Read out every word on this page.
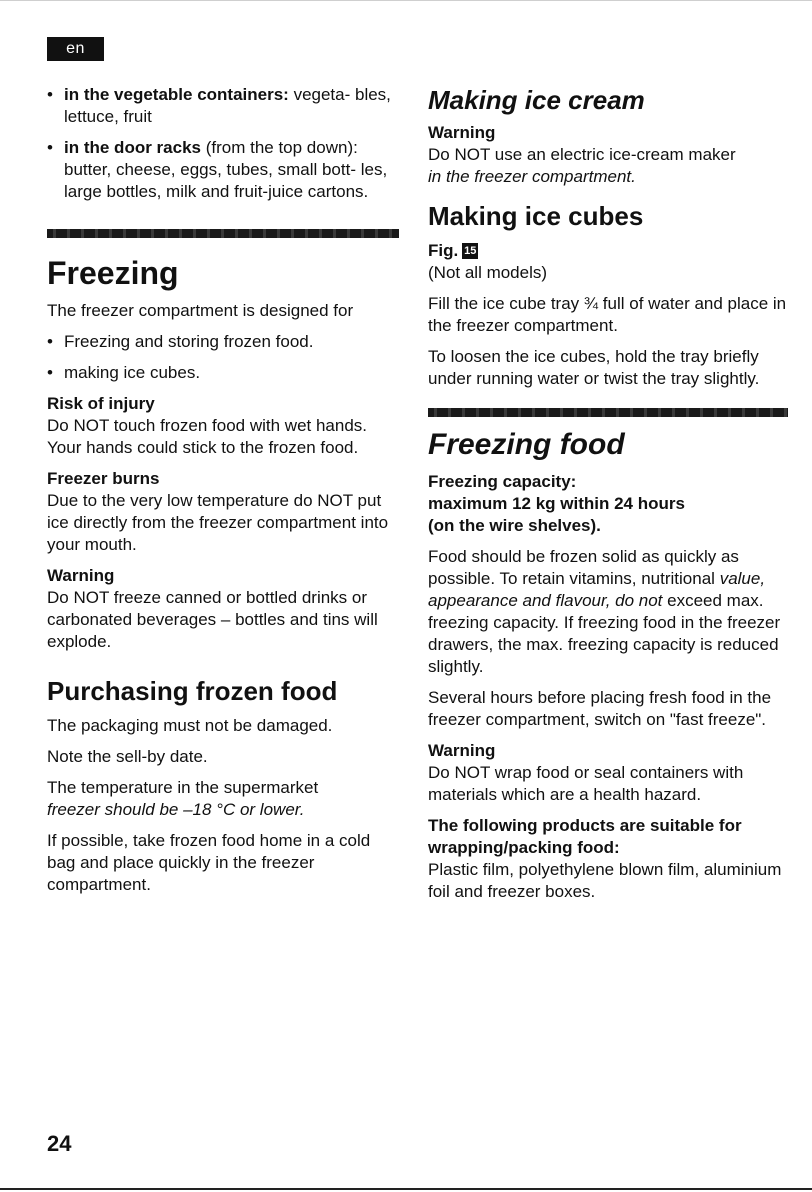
en

• in the vegetable containers: vegeta- bles, lettuce, fruit

• in the door racks (from the top down): butter, cheese, eggs, tubes, small bott- les, large bottles, milk and fruit-juice cartons.

Freezing

The freezer compartment is designed for

• Freezing and storing frozen food.

• making ice cubes.

Risk of injury

Do NOT touch frozen food with wet hands. Your hands could stick to the frozen food.

Freezer burns

Due to the very low temperature do NOT put ice directly from the freezer compartment into your mouth.

Warning

Do NOT freeze canned or bottled drinks or carbonated beverages – bottles and tins will explode.

Purchasing frozen food

The packaging must not be damaged.

Note the sell-by date.

The temperature in the supermarket
freezer should be –18 °C or lower.

If possible, take frozen food home in a cold bag and place quickly in the freezer compartment.

Making ice cream

Warning

Do NOT use an electric ice-cream maker
in the freezer compartment.

Making ice cubes
Fig. 15

(Not all models)

Fill the ice cube tray ¾ full of water and place in the freezer compartment.

To loosen the ice cubes, hold the tray briefly under running water or twist the tray slightly.

Freezing food

Freezing capacity:

maximum 12 kg within 24 hours

(on the wire shelves).

Food should be frozen solid as quickly as possible. To retain vitamins, nutritional value, appearance and flavour, do not exceed max. freezing capacity. If freezing food in the freezer drawers, the max. freezing capacity is reduced slightly.

Several hours before placing fresh food in the freezer compartment, switch on "fast freeze".

Warning

Do NOT wrap food or seal containers with materials which are a health hazard.

The following products are suitable for wrapping/packing food:

Plastic film, polyethylene blown film, aluminium foil and freezer boxes.

24
